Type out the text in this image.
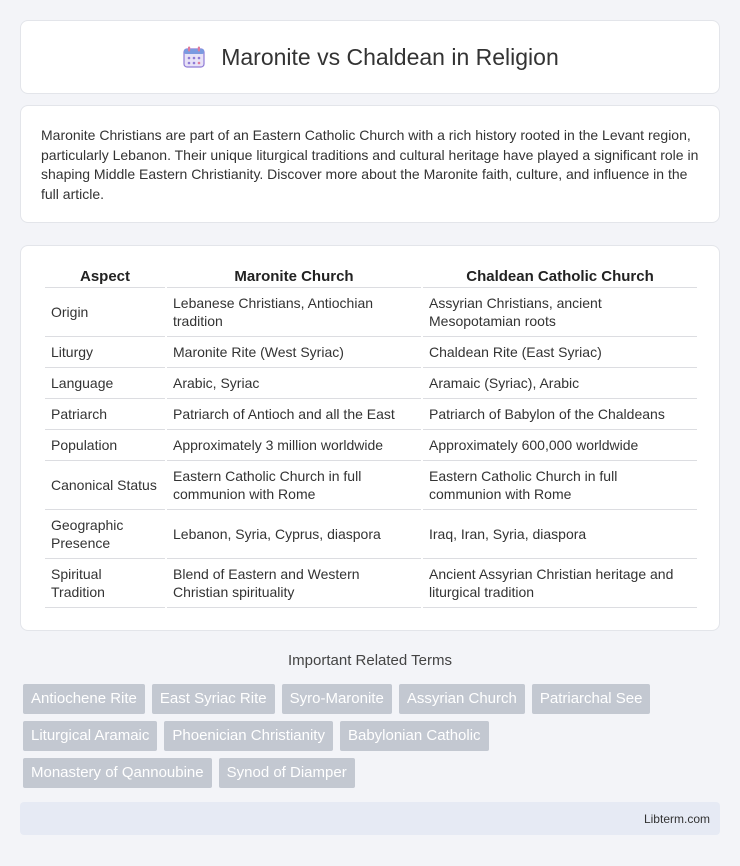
Maronite vs Chaldean in Religion

Maronite Christians are part of an Eastern Catholic Church with a rich history rooted in the Levant region, particularly Lebanon. Their unique liturgical traditions and cultural heritage have played a significant role in shaping Middle Eastern Christianity. Discover more about the Maronite faith, culture, and influence in the full article.

Aspect	Maronite Church	Chaldean Catholic Church
Origin	Lebanese Christians, Antiochian tradition	Assyrian Christians, ancient Mesopotamian roots
Liturgy	Maronite Rite (West Syriac)	Chaldean Rite (East Syriac)
Language	Arabic, Syriac	Aramaic (Syriac), Arabic
Patriarch	Patriarch of Antioch and all the East	Patriarch of Babylon of the Chaldeans
Population	Approximately 3 million worldwide	Approximately 600,000 worldwide
Canonical Status	Eastern Catholic Church in full communion with Rome	Eastern Catholic Church in full communion with Rome
Geographic Presence	Lebanon, Syria, Cyprus, diaspora	Iraq, Iran, Syria, diaspora
Spiritual Tradition	Blend of Eastern and Western Christian spirituality	Ancient Assyrian Christian heritage and liturgical tradition
Important Related Terms
Antiochene Rite	East Syriac Rite	Syro-Maronite	Assyrian Church	Patriarchal See
Liturgical Aramaic	Phoenician Christianity	Babylonian Catholic
Monastery of Qannoubine	Synod of Diamper
Libterm.com
